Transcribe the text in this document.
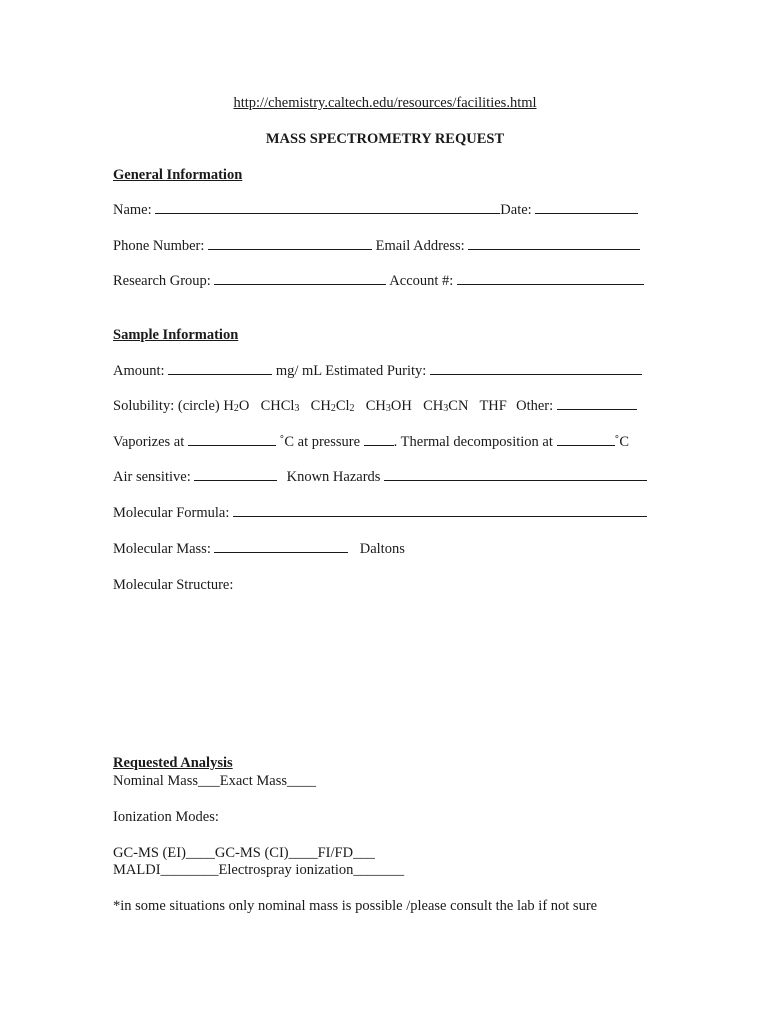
http://chemistry.caltech.edu/resources/facilities.html
MASS SPECTROMETRY REQUEST
General Information
Name:	Date:
Phone Number:	Email Address:
Research Group:	Account #:
Sample Information
Amount:	mg/ mL Estimated Purity:
Solubility: (circle) $H_2O$ CHCl$_3$ $CH_2Cl_2$ $CH_3OH$ $CH_3CN$ THF Other:
Vaporizes at	˚C at pressure . Thermal decomposition at	˚C
Air sensitive:	Known Hazards
Molecular Formula:
Molecular Mass:	Daltons
Molecular Structure:
Requested Analysis
Nominal Mass___Exact Mass____
Ionization Modes:
GC-MS (EI)____GC-MS (CI)____FI/FD___
MALDI________Electrospray ionization_______
*in some situations only nominal mass is possible /please consult the lab if not sure
